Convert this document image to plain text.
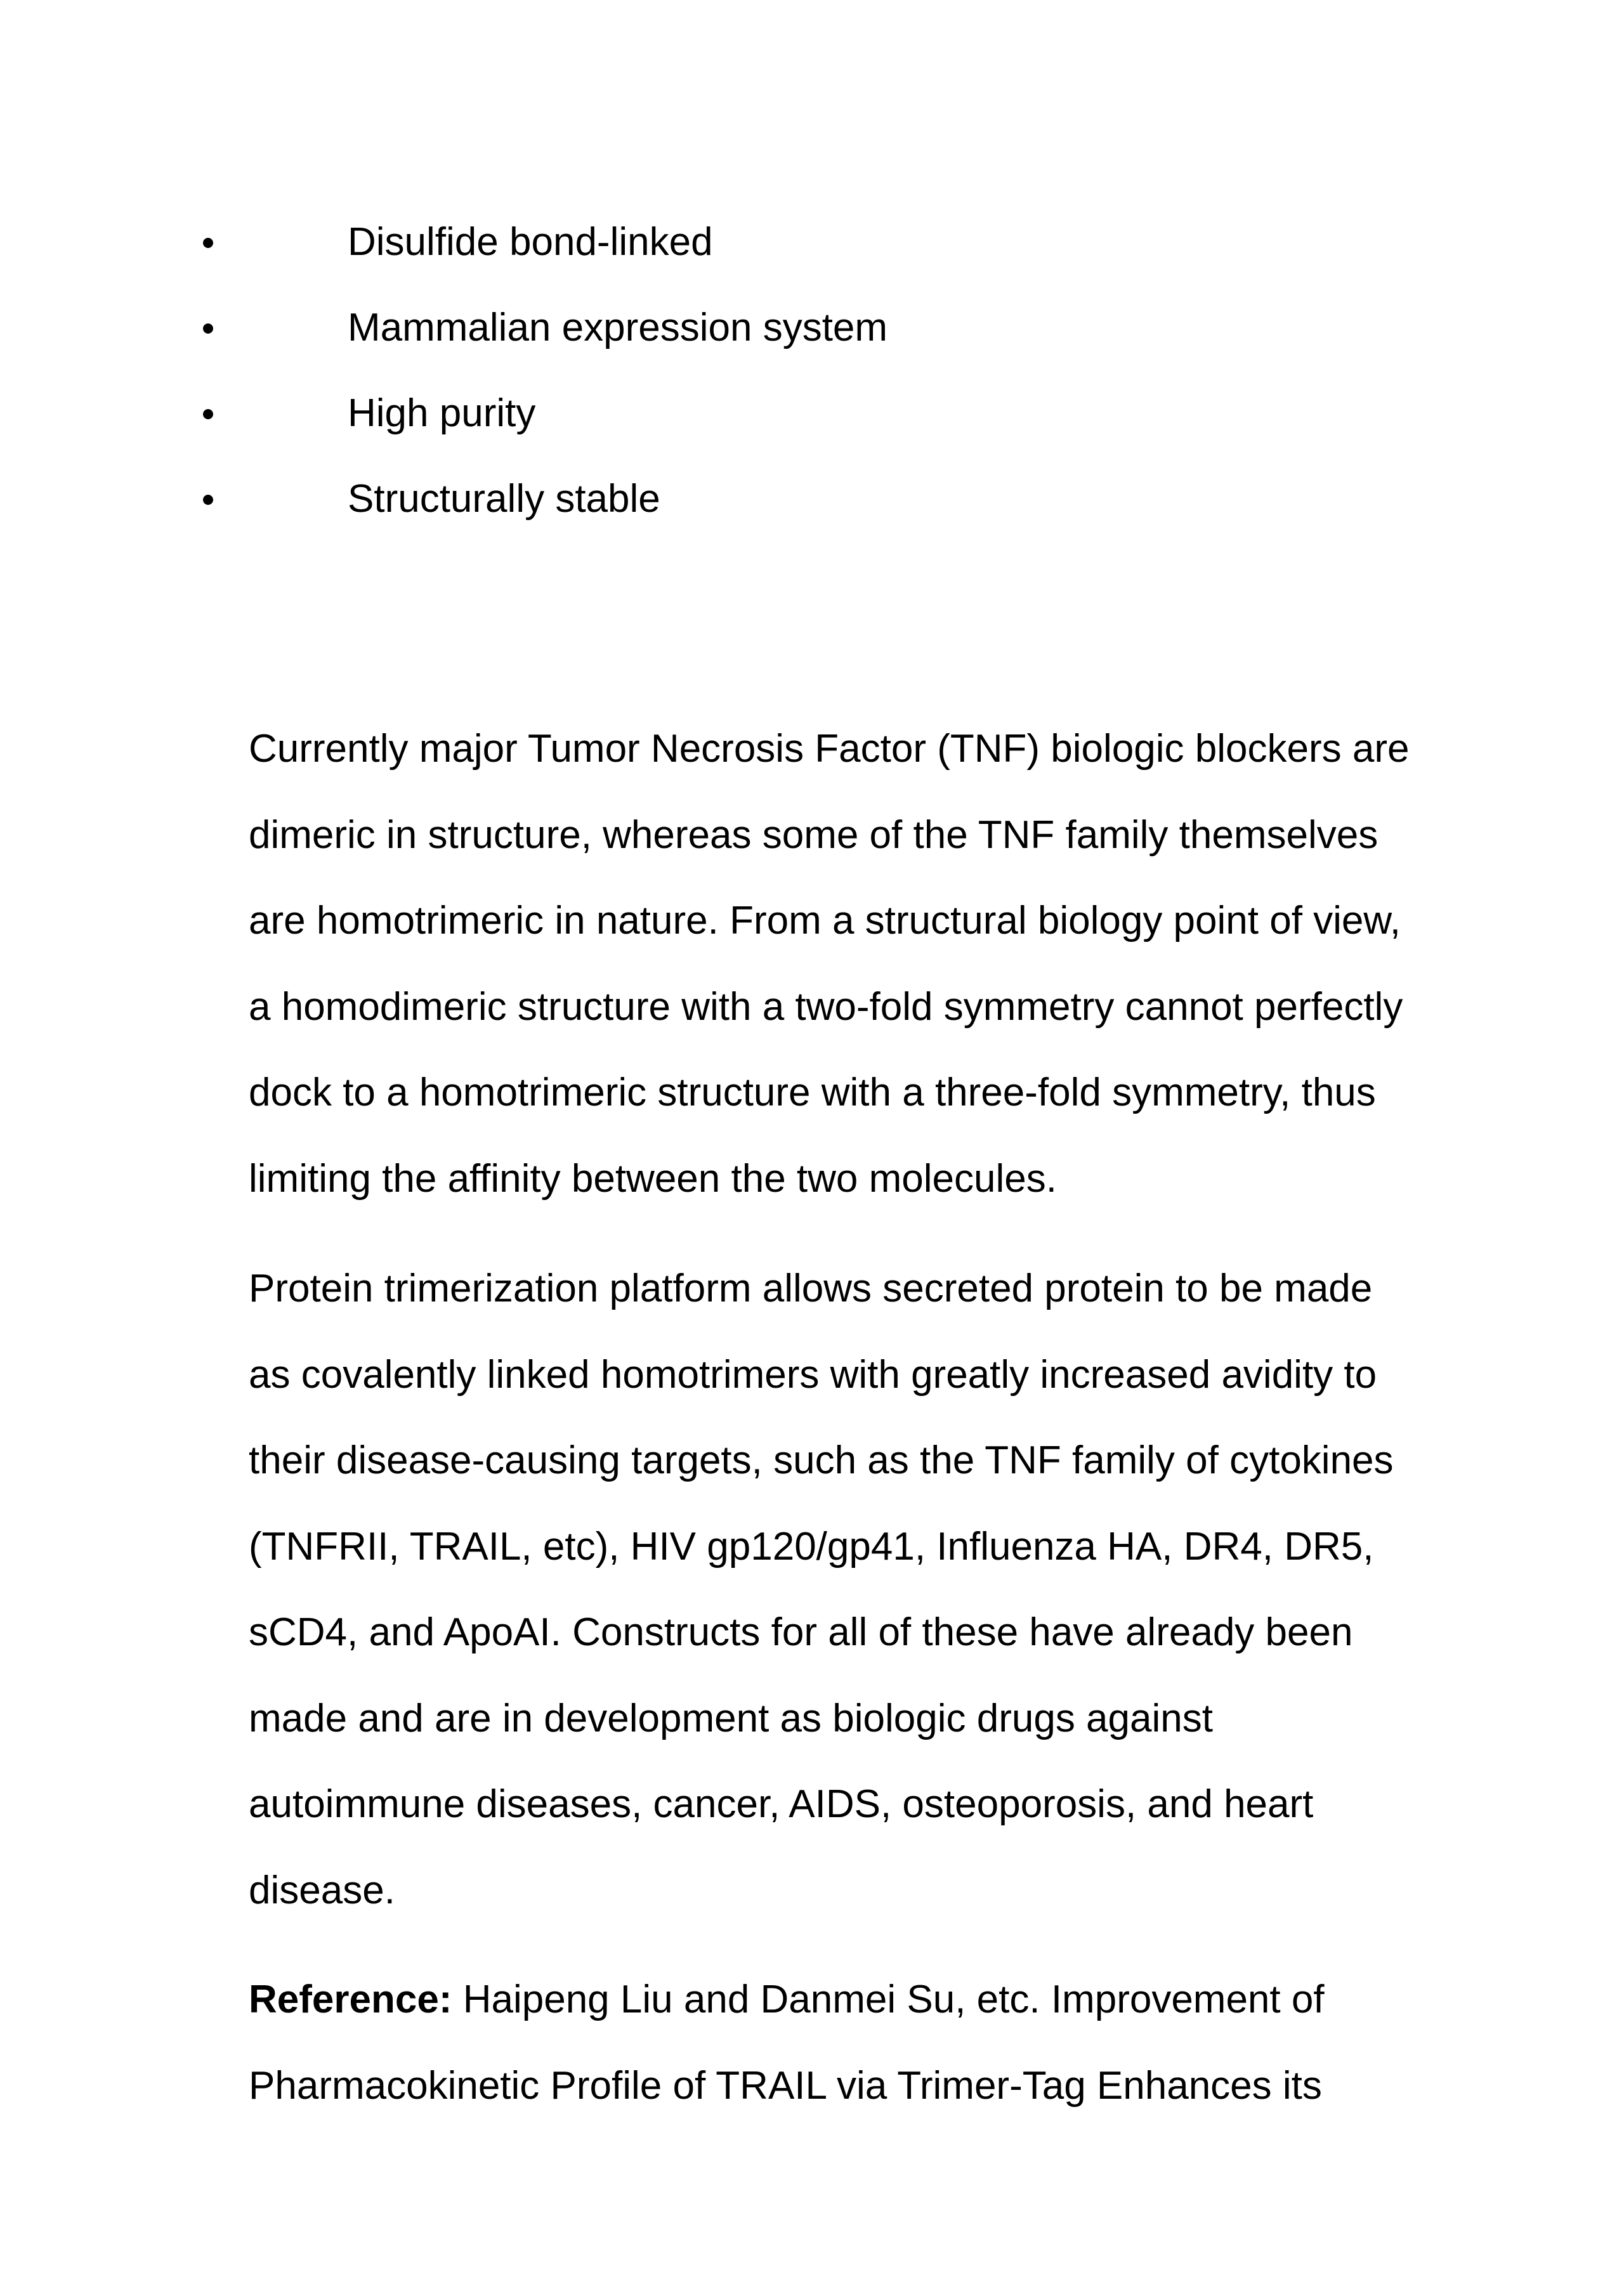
Disulfide bond-linked
Mammalian expression system
High purity
Structurally stable

Currently major Tumor Necrosis Factor (TNF) biologic blockers are dimeric in structure, whereas some of the TNF family themselves are homotrimeric in nature. From a structural biology point of view, a homodimeric structure with a two-fold symmetry cannot perfectly dock to a homotrimeric structure with a three-fold symmetry, thus limiting the affinity between the two molecules.

Protein trimerization platform allows secreted protein to be made as covalently linked homotrimers with greatly increased avidity to their disease-causing targets, such as the TNF family of cytokines (TNFRII, TRAIL, etc), HIV gp120/gp41, Influenza HA, DR4, DR5, sCD4, and ApoAI. Constructs for all of these have already been made and are in development as biologic drugs against autoimmune diseases, cancer, AIDS, osteoporosis, and heart disease.

Reference: Haipeng Liu and Danmei Su, etc. Improvement of Pharmacokinetic Profile of TRAIL via Trimer-Tag Enhances its
